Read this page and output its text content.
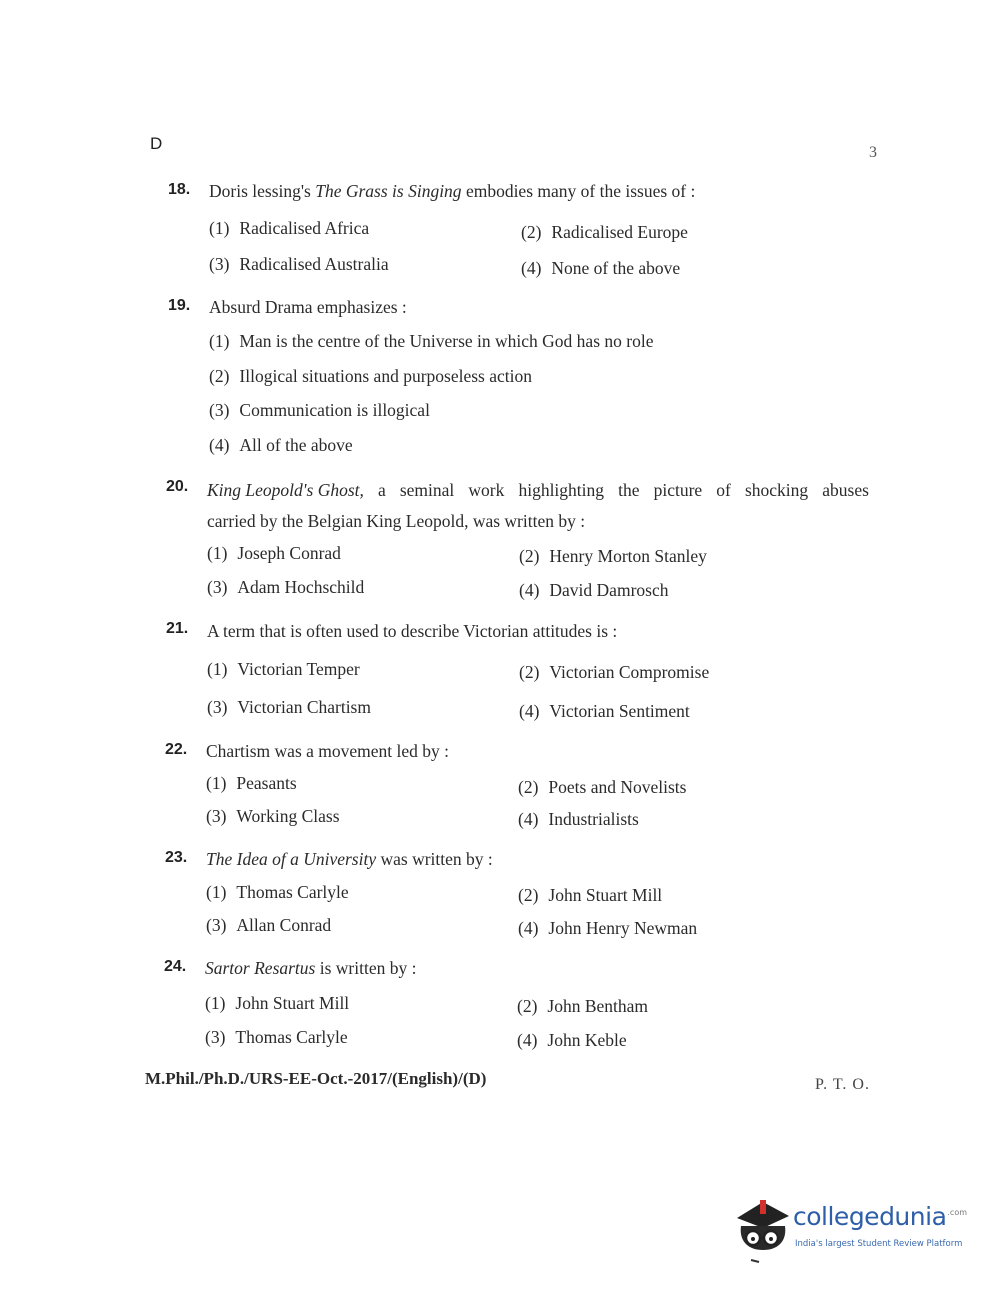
D	3
18. Doris lessing's The Grass is Singing embodies many of the issues of :
(1) Radicalised Africa	(2) Radicalised Europe
(3) Radicalised Australia	(4) None of the above
19. Absurd Drama emphasizes :
(1) Man is the centre of the Universe in which God has no role
(2) Illogical situations and purposeless action
(3) Communication is illogical
(4) All of the above
20. King Leopold's Ghost, a seminal work highlighting the picture of shocking abuses
carried by the Belgian King Leopold, was written by :
(1) Joseph Conrad	(2) Henry Morton Stanley
(3) Adam Hochschild	(4) David Damrosch
21. A term that is often used to describe Victorian attitudes is :
(1) Victorian Temper	(2) Victorian Compromise
(3) Victorian Chartism	(4) Victorian Sentiment
22. Chartism was a movement led by :
(1) Peasants	(2) Poets and Novelists
(3) Working Class	(4) Industrialists
23. The Idea of a University was written by :
(1) Thomas Carlyle	(2) John Stuart Mill
(3) Allan Conrad	(4) John Henry Newman
24. Sartor Resartus is written by :
(1) John Stuart Mill	(2) John Bentham
(3) Thomas Carlyle	(4) John Keble
M.Phil./Ph.D./URS-EE-Oct.-2017/(English)/(D)	P. T. O.
collegedunia$^{.com}$
India's largest Student Review Platform
